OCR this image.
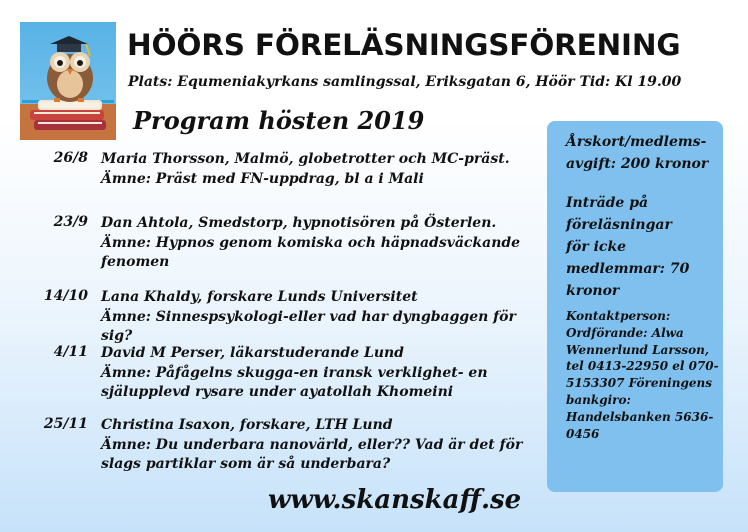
HÖÖRS FÖRELÄSNINGSFÖRENING
Plats: Equmeniakyrkans samlingssal, Eriksgatan 6, Höör Tid: Kl 19.00
Program hösten 2019
26/8 Maria Thorsson, Malmö, globetrotter och MC-präst.
Ämne: Präst med FN-uppdrag, bl a i Mali
23/9 Dan Ahtola, Smedstorp, hypnotisören på Österlen.
Ämne: Hypnos genom komiska och häpnadsväckande fenomen
14/10 Lana Khaldy, forskare Lunds Universitet
Ämne: Sinnespsykologi-eller vad har dyngbaggen för sig?
4/11 David M Perser, läkarstuderande Lund
Ämne: Påfågelns skugga-en iransk verklighet- en själupplevd rysare under ayatollah Khomeini
25/11 Christina Isaxon, forskare, LTH Lund
Ämne: Du underbara nanovärld, eller?? Vad är det för slags partiklar som är så underbara?
Årskort/medlems-avgift: 200 kronor
Inträde på föreläsningar för icke medlemmar: 70 kronor
Kontaktperson: Ordförande: Alwa Wennerlund Larsson, tel 0413-22950 el 070-5153307 Föreningens bankgiro: Handelsbanken 5636-0456
www.skanskaff.se
